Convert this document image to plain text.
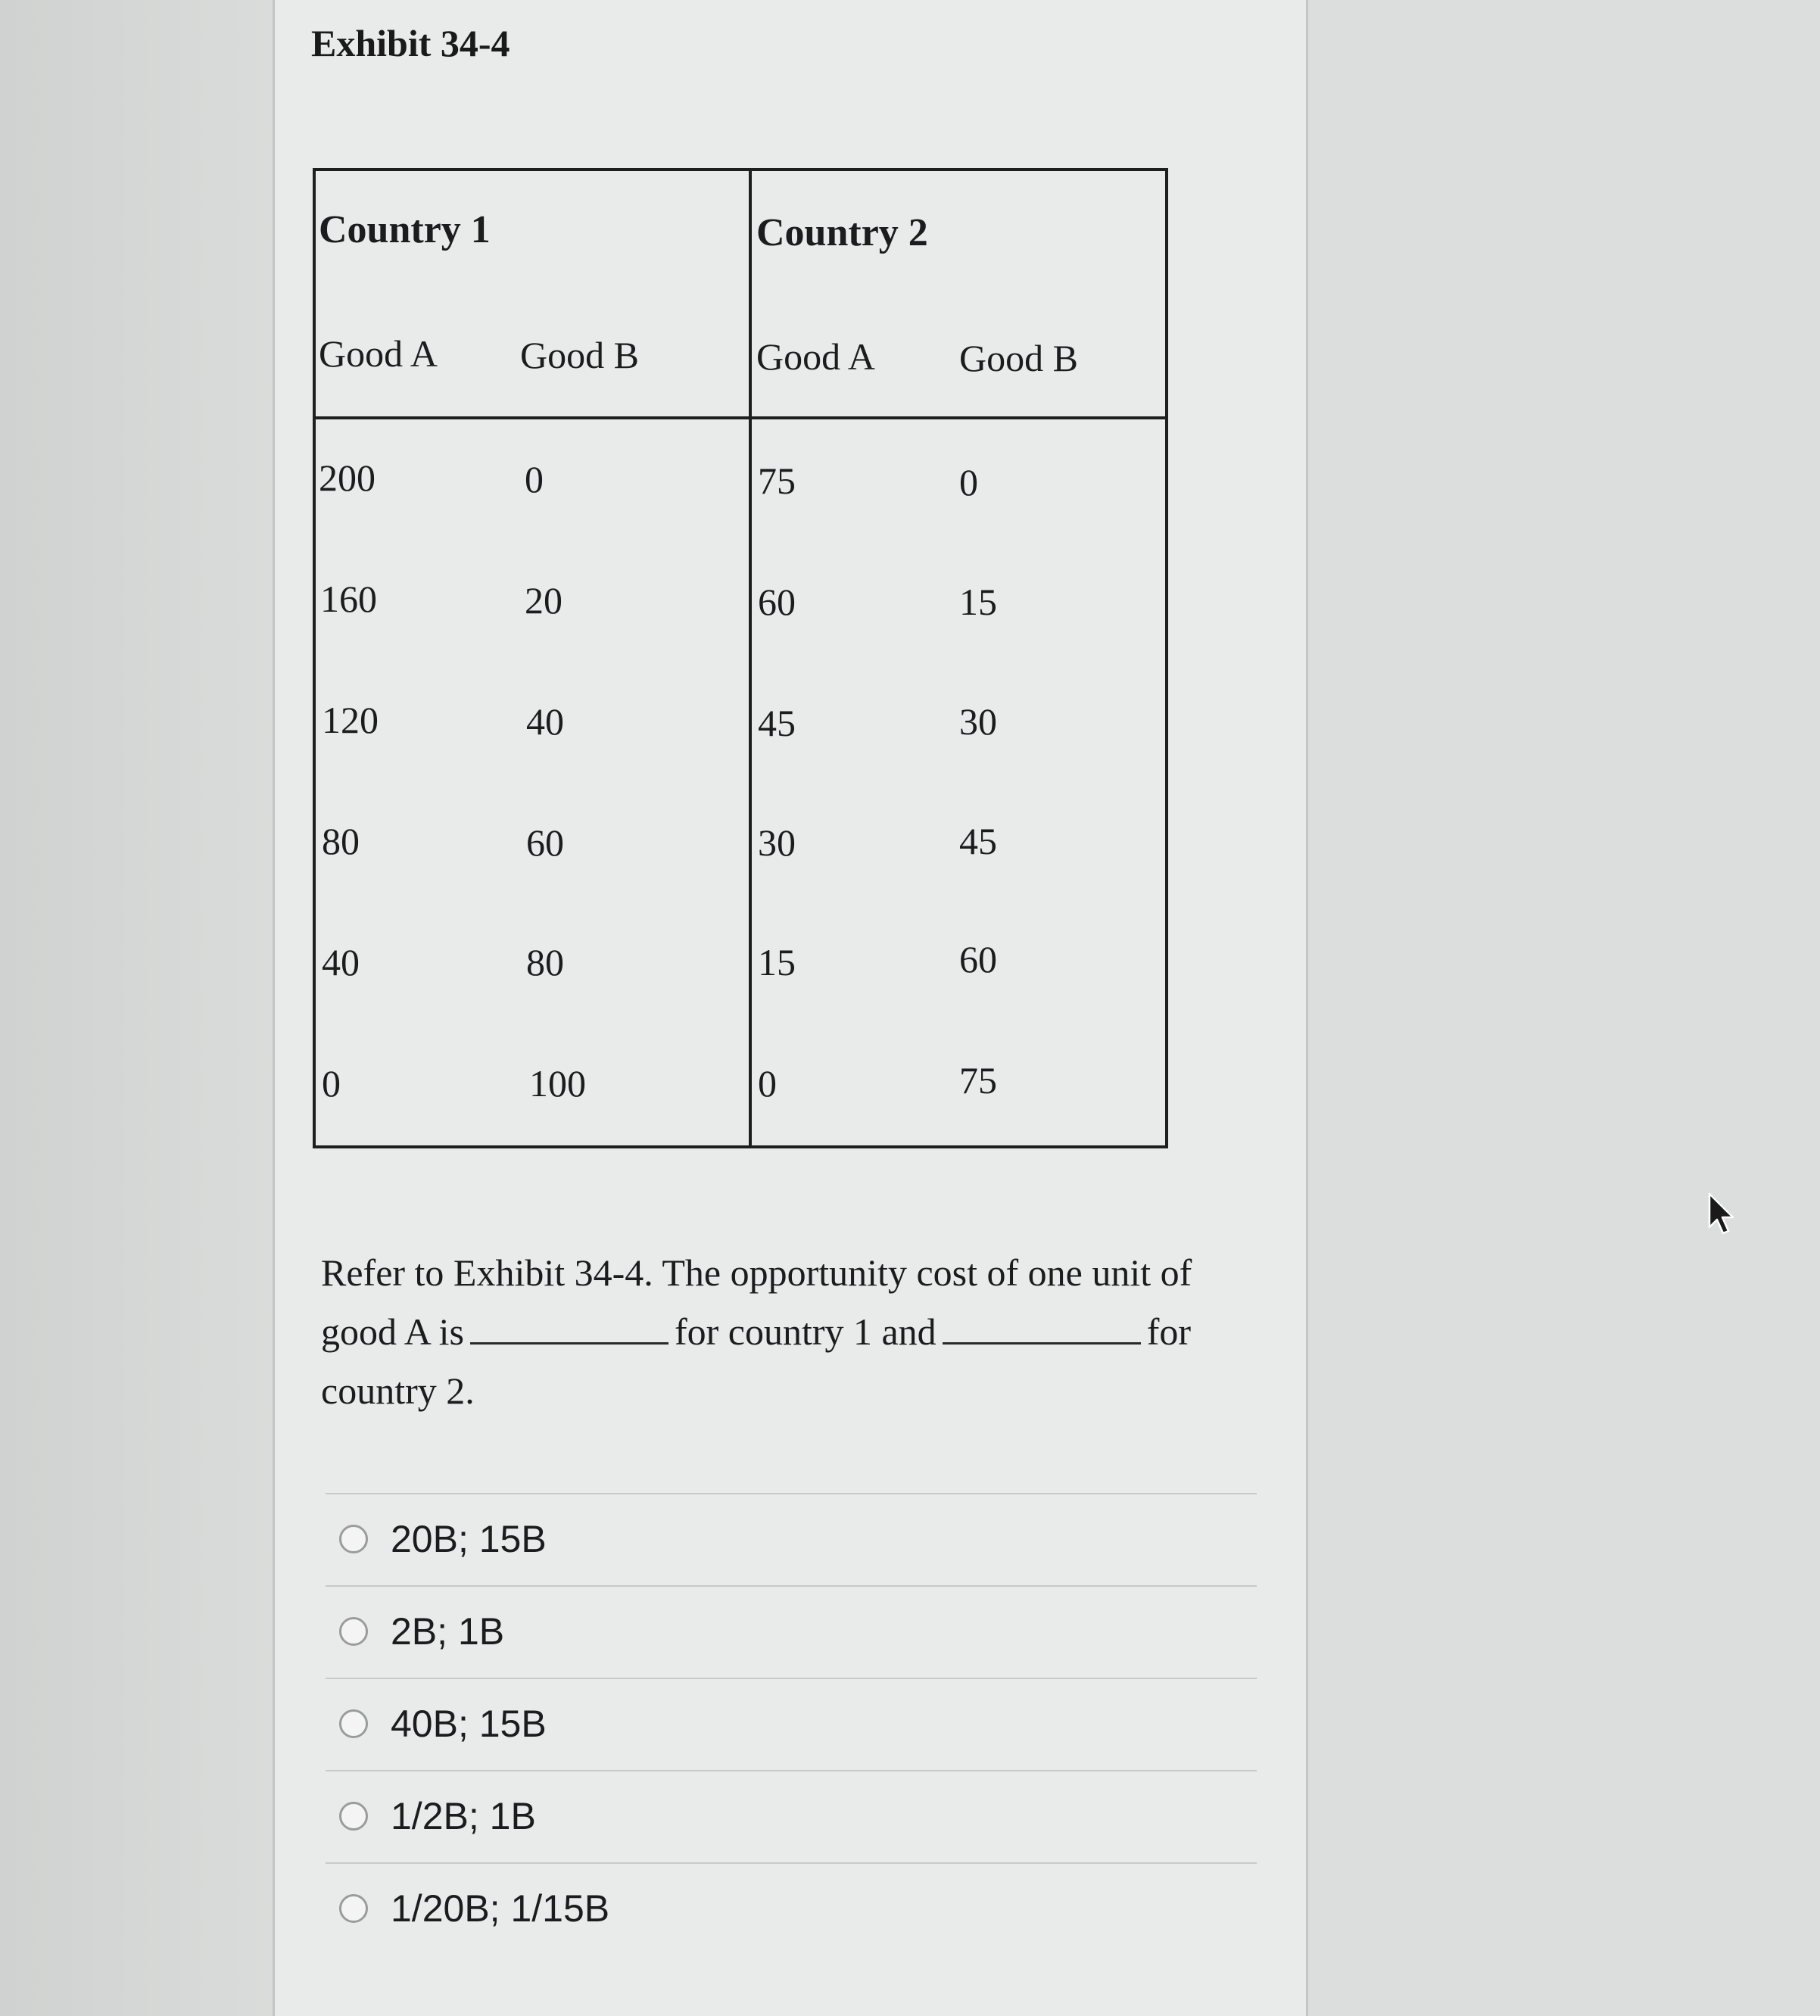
Exhibit 34-4
Country 1	Country 2
Good A Good B	Good A Good B
200	0	75	0
160	20	60	15
120	40	45	30
80	60	30	45
40	80	15	60
0	100	0	75
Refer to Exhibit 34-4. The opportunity cost of one unit of good A is	for country 1 and	for country 2.
20B; 15B
2B; 1B
40B; 15B
1/2B; 1B
1/20B; 1/15B
